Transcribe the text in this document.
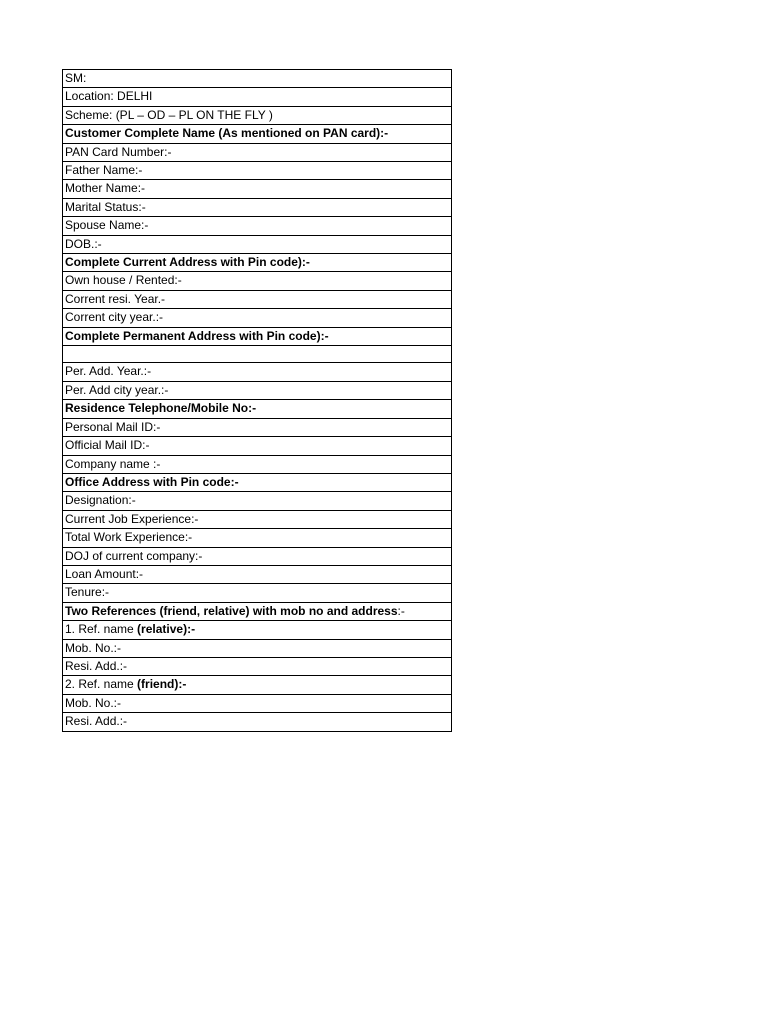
SM:
Location: DELHI
Scheme: (PL – OD – PL ON THE FLY )
Customer Complete Name (As mentioned on PAN card):-
PAN Card Number:-
Father Name:-
Mother Name:-
Marital Status:-
Spouse Name:-
DOB.:-
Complete Current Address with Pin code):-
Own house / Rented:-
Corrent resi. Year.-
Corrent city year.:-
Complete Permanent Address with Pin code):-

Per. Add. Year.:-
Per. Add city year.:-
Residence Telephone/Mobile No:-
Personal Mail ID:-
Official Mail ID:-
Company name :-
Office Address with Pin code:-
Designation:-
Current Job Experience:-
Total Work Experience:-
DOJ of current company:-
Loan Amount:-
Tenure:-
Two References (friend, relative) with mob no and address:-
1. Ref. name (relative):-
Mob. No.:-
Resi. Add.:-
2. Ref. name (friend):-
Mob. No.:-
Resi. Add.:-
